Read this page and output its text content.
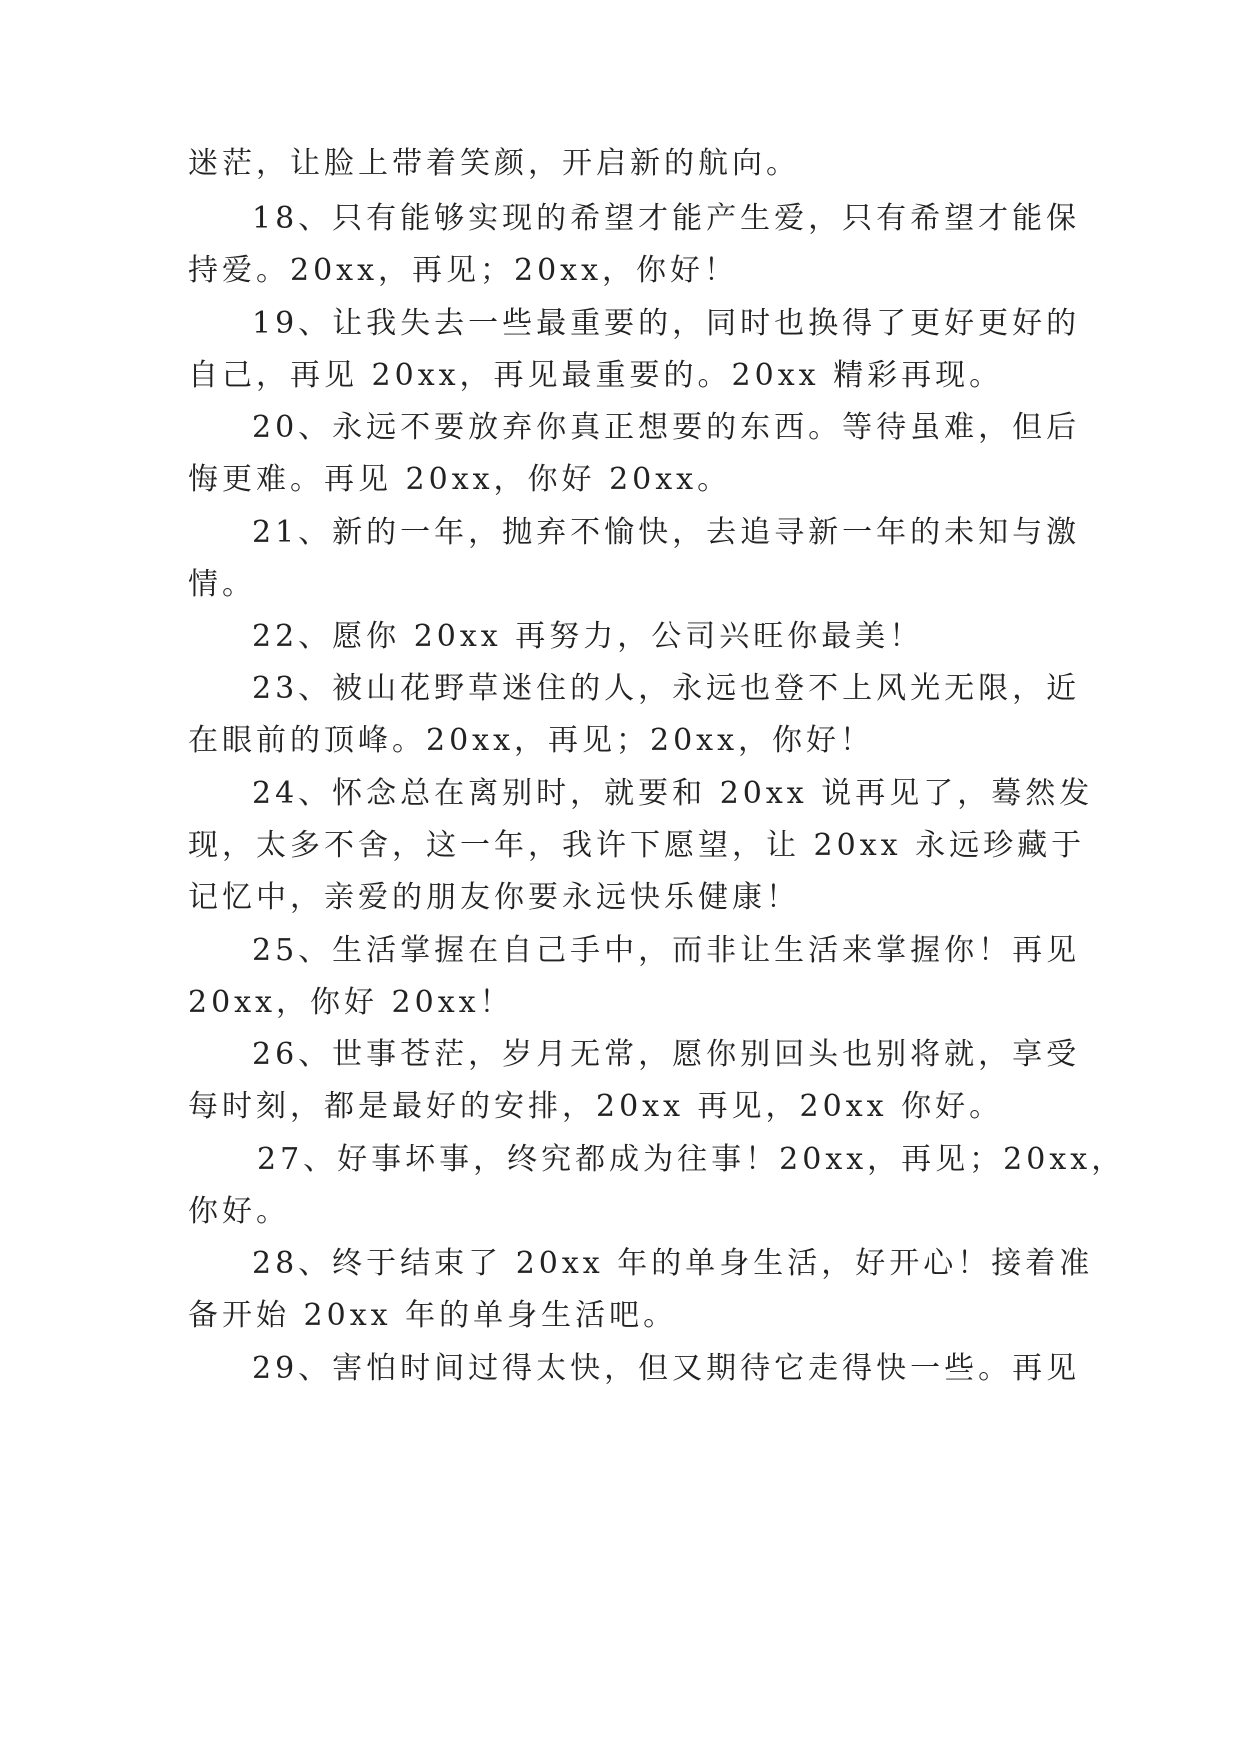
迷茫，让脸上带着笑颜，开启新的航向。
18、只有能够实现的希望才能产生爱，只有希望才能保
持爱。20xx，再见；20xx，你好！
19、让我失去一些最重要的，同时也换得了更好更好的
自己，再见 20xx，再见最重要的。20xx 精彩再现。
20、永远不要放弃你真正想要的东西。等待虽难，但后
悔更难。再见 20xx，你好 20xx。
21、新的一年，抛弃不愉快，去追寻新一年的未知与激
情。
22、愿你 20xx 再努力，公司兴旺你最美！
23、被山花野草迷住的人，永远也登不上风光无限，近
在眼前的顶峰。20xx，再见；20xx，你好！
24、怀念总在离别时，就要和 20xx 说再见了，蓦然发
现，太多不舍，这一年，我许下愿望，让 20xx 永远珍藏于
记忆中，亲爱的朋友你要永远快乐健康！
25、生活掌握在自己手中，而非让生活来掌握你！再见
20xx，你好 20xx！
26、世事苍茫，岁月无常，愿你别回头也别将就，享受
每时刻，都是最好的安排，20xx 再见，20xx 你好。
27、好事坏事，终究都成为往事！20xx，再见；20xx，
你好。
28、终于结束了 20xx 年的单身生活，好开心！接着准
备开始 20xx 年的单身生活吧。
29、害怕时间过得太快，但又期待它走得快一些。再见
